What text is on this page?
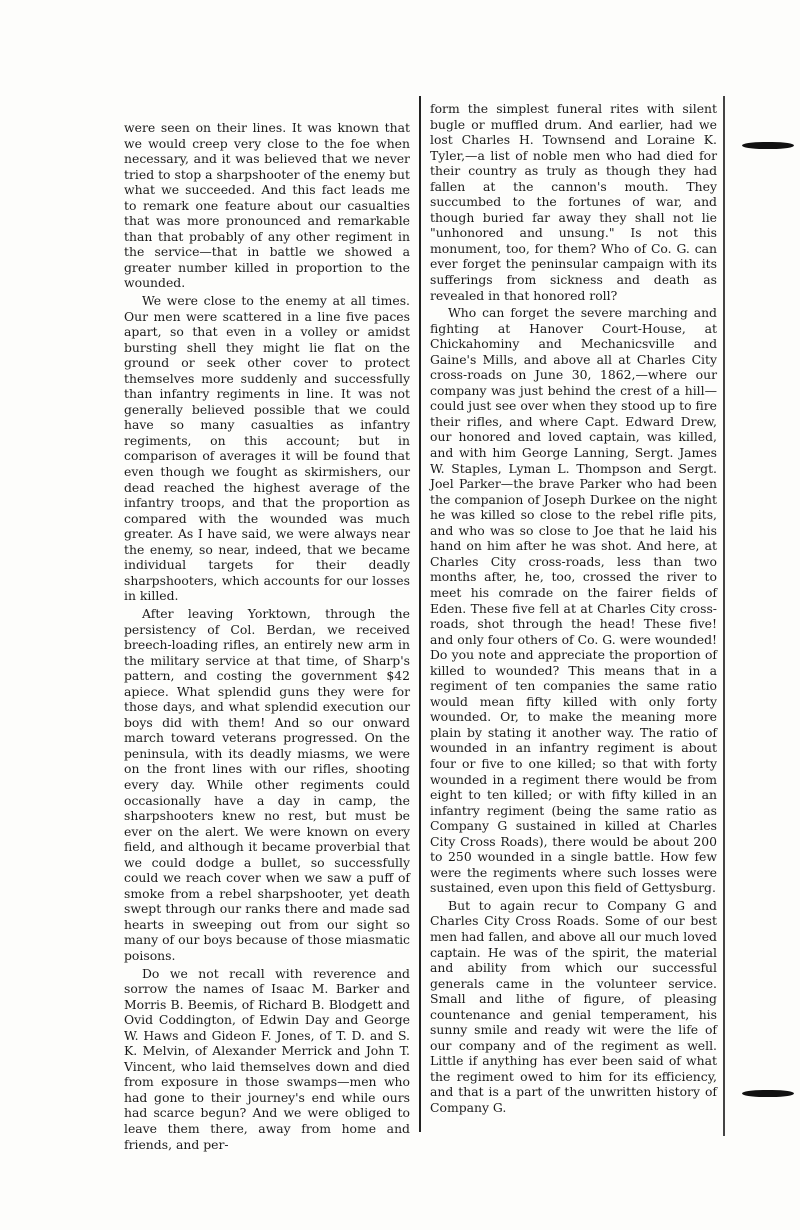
were seen on their lines. It was known that we would creep very close to the foe when necessary, and it was believed that we never tried to stop a sharpshooter of the enemy but what we succeeded. And this fact leads me to remark one feature about our casualties that was more pronounced and remarkable than that probably of any other regiment in the service—that in battle we showed a greater number killed in proportion to the wounded.

We were close to the enemy at all times. Our men were scattered in a line five paces apart, so that even in a volley or amidst bursting shell they might lie flat on the ground or seek other cover to protect themselves more suddenly and successfully than infantry regiments in line. It was not generally believed possible that we could have so many casualties as infantry regiments, on this account; but in comparison of averages it will be found that even though we fought as skirmishers, our dead reached the highest average of the infantry troops, and that the proportion as compared with the wounded was much greater. As I have said, we were always near the enemy, so near, indeed, that we became individual targets for their deadly sharpshooters, which accounts for our losses in killed.

After leaving Yorktown, through the persistency of Col. Berdan, we received breech-loading rifles, an entirely new arm in the military service at that time, of Sharp's pattern, and costing the government $42 apiece. What splendid guns they were for those days, and what splendid execution our boys did with them! And so our onward march toward veterans progressed. On the peninsula, with its deadly miasms, we were on the front lines with our rifles, shooting every day. While other regiments could occasionally have a day in camp, the sharpshooters knew no rest, but must be ever on the alert. We were known on every field, and although it became proverbial that we could dodge a bullet, so successfully could we reach cover when we saw a puff of smoke from a rebel sharpshooter, yet death swept through our ranks there and made sad hearts in sweeping out from our sight so many of our boys because of those miasmatic poisons.

Do we not recall with reverence and sorrow the names of Isaac M. Barker and Morris B. Beemis, of Richard B. Blodgett and Ovid Coddington, of Edwin Day and George W. Haws and Gideon F. Jones, of T. D. and S. K. Melvin, of Alexander Merrick and John T. Vincent, who laid themselves down and died from exposure in those swamps—men who had gone to their journey's end while ours had scarce begun? And we were obliged to leave them there, away from home and friends, and per-

form the simplest funeral rites with silent bugle or muffled drum. And earlier, had we lost Charles H. Townsend and Loraine K. Tyler,—a list of noble men who had died for their country as truly as though they had fallen at the cannon's mouth. They succumbed to the fortunes of war, and though buried far away they shall not lie "unhonored and unsung." Is not this monument, too, for them? Who of Co. G. can ever forget the peninsular campaign with its sufferings from sickness and death as revealed in that honored roll?

Who can forget the severe marching and fighting at Hanover Court-House, at Chickahominy and Mechanicsville and Gaine's Mills, and above all at Charles City cross-roads on June 30, 1862,—where our company was just behind the crest of a hill—could just see over when they stood up to fire their rifles, and where Capt. Edward Drew, our honored and loved captain, was killed, and with him George Lanning, Sergt. James W. Staples, Lyman L. Thompson and Sergt. Joel Parker—the brave Parker who had been the companion of Joseph Durkee on the night he was killed so close to the rebel rifle pits, and who was so close to Joe that he laid his hand on him after he was shot. And here, at Charles City cross-roads, less than two months after, he, too, crossed the river to meet his comrade on the fairer fields of Eden. These five fell at at Charles City cross-roads, shot through the head! These five! and only four others of Co. G. were wounded! Do you note and appreciate the proportion of killed to wounded? This means that in a regiment of ten companies the same ratio would mean fifty killed with only forty wounded. Or, to make the meaning more plain by stating it another way. The ratio of wounded in an infantry regiment is about four or five to one killed; so that with forty wounded in a regiment there would be from eight to ten killed; or with fifty killed in an infantry regiment (being the same ratio as Company G sustained in killed at Charles City Cross Roads), there would be about 200 to 250 wounded in a single battle. How few were the regiments where such losses were sustained, even upon this field of Gettysburg.

But to again recur to Company G and Charles City Cross Roads. Some of our best men had fallen, and above all our much loved captain. He was of the spirit, the material and ability from which our successful generals came in the volunteer service. Small and lithe of figure, of pleasing countenance and genial temperament, his sunny smile and ready wit were the life of our company and of the regiment as well. Little if anything has ever been said of what the regiment owed to him for its efficiency, and that is a part of the unwritten history of Company G.
